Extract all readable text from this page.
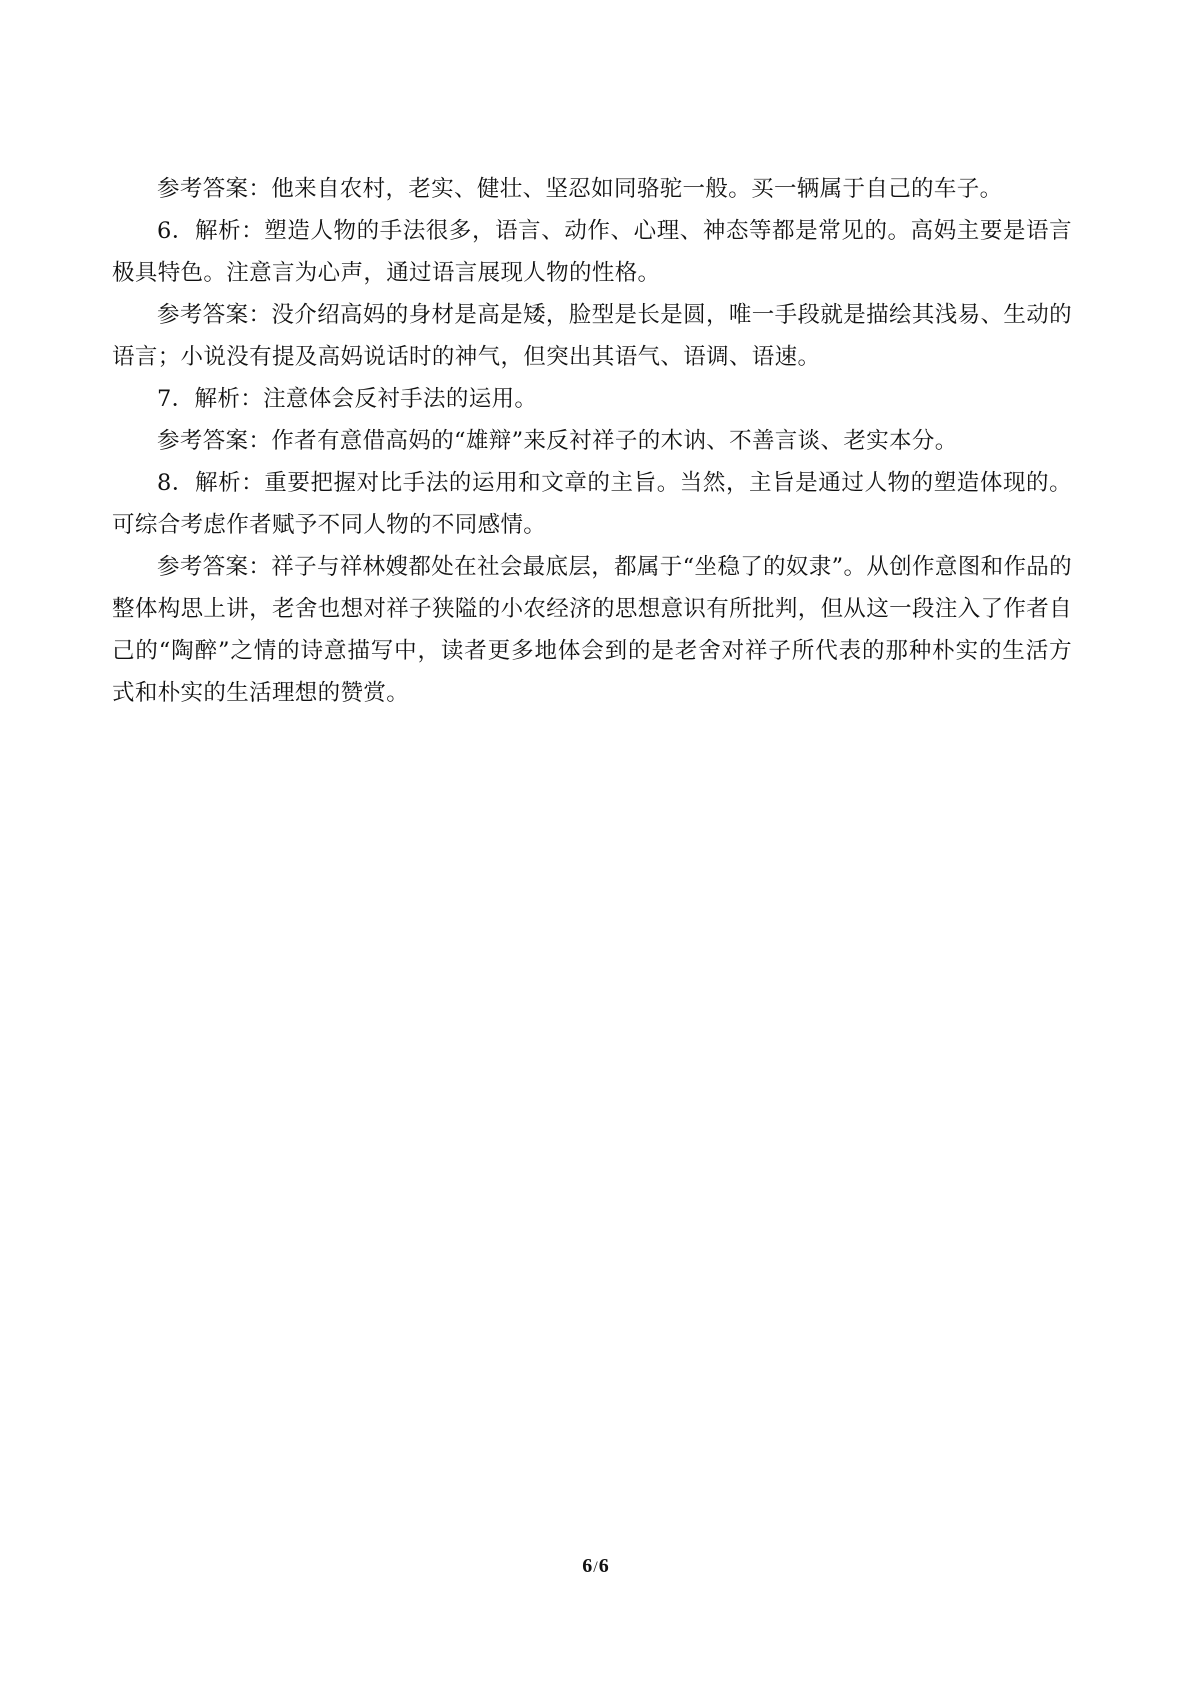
参考答案：他来自农村，老实、健壮、坚忍如同骆驼一般。买一辆属于自己的车子。

6．解析：塑造人物的手法很多，语言、动作、心理、神态等都是常见的。高妈主要是语言极具特色。注意言为心声，通过语言展现人物的性格。

参考答案：没介绍高妈的身材是高是矮，脸型是长是圆，唯一手段就是描绘其浅易、生动的语言；小说没有提及高妈说话时的神气，但突出其语气、语调、语速。

7．解析：注意体会反衬手法的运用。

参考答案：作者有意借高妈的“雄辩”来反衬祥子的木讷、不善言谈、老实本分。

8．解析：重要把握对比手法的运用和文章的主旨。当然，主旨是通过人物的塑造体现的。可综合考虑作者赋予不同人物的不同感情。

参考答案：祥子与祥林嫂都处在社会最底层，都属于“坐稳了的奴隶”。从创作意图和作品的整体构思上讲，老舍也想对祥子狭隘的小农经济的思想意识有所批判，但从这一段注入了作者自己的“陶醉”之情的诗意描写中，读者更多地体会到的是老舍对祥子所代表的那种朴实的生活方式和朴实的生活理想的赞赏。

6/6
